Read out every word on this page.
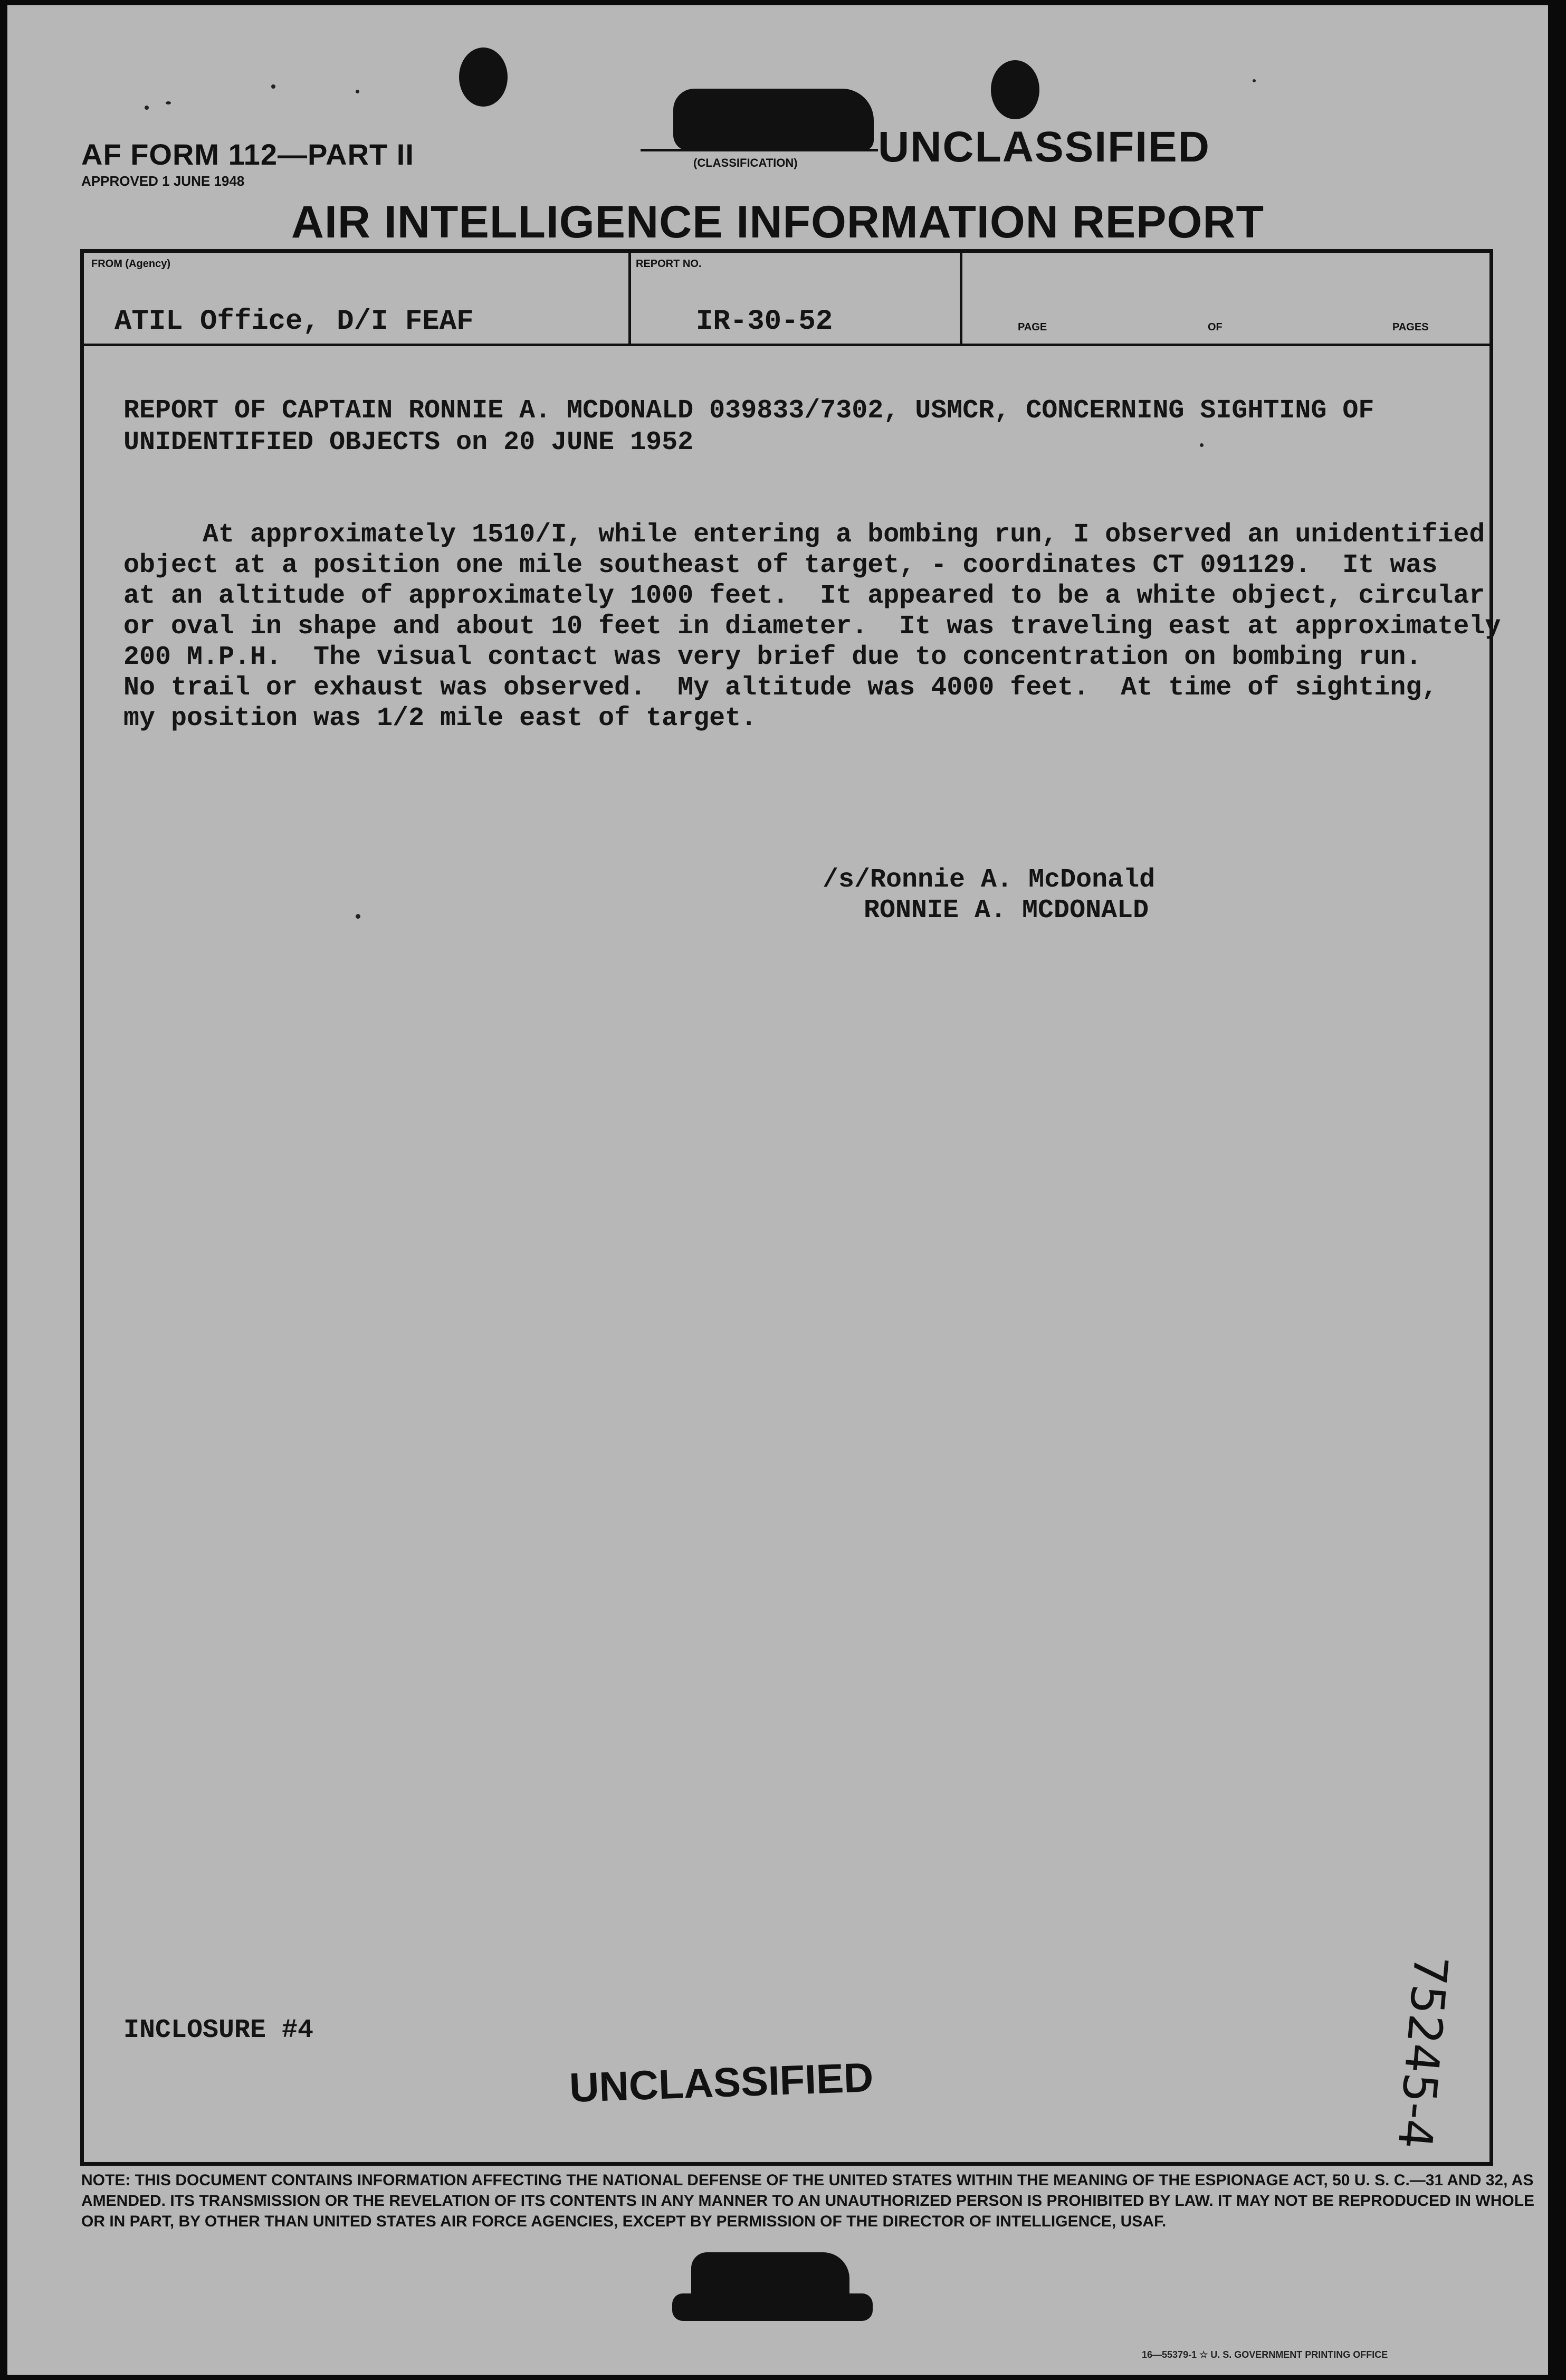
AF FORM 112—PART II
APPROVED 1 JUNE 1948
(CLASSIFICATION) UNCLASSIFIED
AIR INTELLIGENCE INFORMATION REPORT
FROM (Agency)
ATIL Office, D/I FEAF
REPORT NO.
IR-30-52	PAGE	OF	PAGES
REPORT OF CAPTAIN RONNIE A. MCDONALD 039833/7302, USMCR, CONCERNING SIGHTING OF
UNIDENTIFIED OBJECTS on 20 JUNE 1952
At approximately 1510/I, while entering a bombing run, I observed an unidentified
object at a position one mile southeast of target, - coordinates CT 091129.  It was
at an altitude of approximately 1000 feet.  It appeared to be a white object, circular
or oval in shape and about 10 feet in diameter.  It was traveling east at approximately
200 M.P.H.  The visual contact was very brief due to concentration on bombing run.
No trail or exhaust was observed.  My altitude was 4000 feet.  At time of sighting,
my position was 1/2 mile east of target.
/s/Ronnie A. McDonald
RONNIE A. MCDONALD
INCLOSURE #4
UNCLASSIFIED
NOTE: THIS DOCUMENT CONTAINS INFORMATION AFFECTING THE NATIONAL DEFENSE OF THE UNITED STATES WITHIN THE MEANING OF THE ESPIONAGE ACT, 50 U. S. C.—31 AND 32, AS AMENDED. ITS TRANSMISSION OR THE REVELATION OF ITS CONTENTS IN ANY MANNER TO AN UNAUTHORIZED PERSON IS PROHIBITED BY LAW. IT MAY NOT BE REPRODUCED IN WHOLE OR IN PART, BY OTHER THAN UNITED STATES AIR FORCE AGENCIES, EXCEPT BY PERMISSION OF THE DIRECTOR OF INTELLIGENCE, USAF.
16—55379-1 ☆ U. S. GOVERNMENT PRINTING OFFICE
75245-4
